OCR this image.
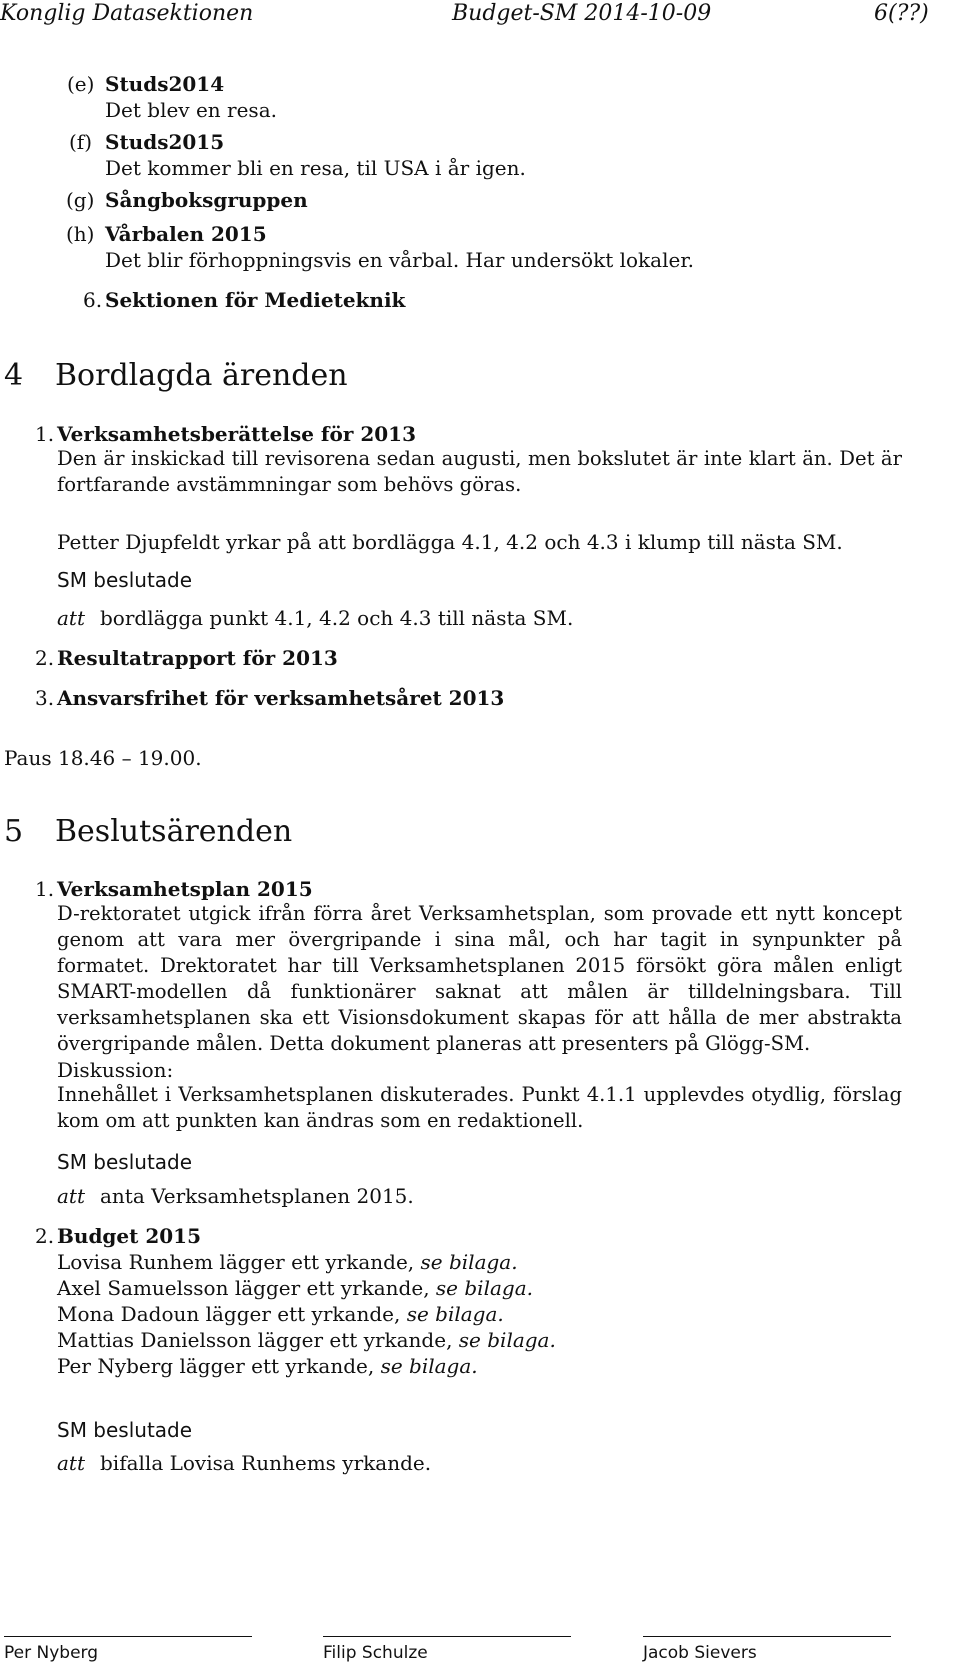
Konglig Datasektionen	Budget-SM 2014-10-09	6(??)
(e) Studs2014
Det blev en resa.
(f) Studs2015
Det kommer bli en resa, til USA i år igen.
(g) Sångboksgruppen
(h) Vårbalen 2015
Det blir förhoppningsvis en vårbal. Har undersökt lokaler.
6. Sektionen för Medieteknik
4 Bordlagda ärenden
1. Verksamhetsberättelse för 2013
Den är inskickad till revisorena sedan augusti, men bokslutet är inte klart än. Det är fortfarande avstämmningar som behövs göras.
Petter Djupfeldt yrkar på att bordlägga 4.1, 4.2 och 4.3 i klump till nästa SM.
SM beslutade
att bordlägga punkt 4.1, 4.2 och 4.3 till nästa SM.
2. Resultatrapport för 2013
3. Ansvarsfrihet för verksamhetsåret 2013
Paus 18.46 – 19.00.
5 Beslutsärenden
1. Verksamhetsplan 2015
D-rektoratet utgick ifrån förra året Verksamhetsplan, som provade ett nytt koncept genom att vara mer övergripande i sina mål, och har tagit in synpunkter på formatet. Drektoratet har till Verksamhetsplanen 2015 försökt göra målen enligt SMART-modellen då funktionärer saknat att målen är tilldelningsbara. Till verksamhetsplanen ska ett Visionsdokument skapas för att hålla de mer abstrakta övergripande målen. Detta dokument planeras att presenters på Glögg-SM.
Diskussion:
Innehållet i Verksamhetsplanen diskuterades. Punkt 4.1.1 upplevdes otydlig, förslag kom om att punkten kan ändras som en redaktionell.
SM beslutade
att anta Verksamhetsplanen 2015.
2. Budget 2015
Lovisa Runhem lägger ett yrkande, se bilaga.
Axel Samuelsson lägger ett yrkande, se bilaga.
Mona Dadoun lägger ett yrkande, se bilaga.
Mattias Danielsson lägger ett yrkande, se bilaga.
Per Nyberg lägger ett yrkande, se bilaga.
SM beslutade
att bifalla Lovisa Runhems yrkande.
Per Nyberg	Filip Schulze	Jacob Sievers
